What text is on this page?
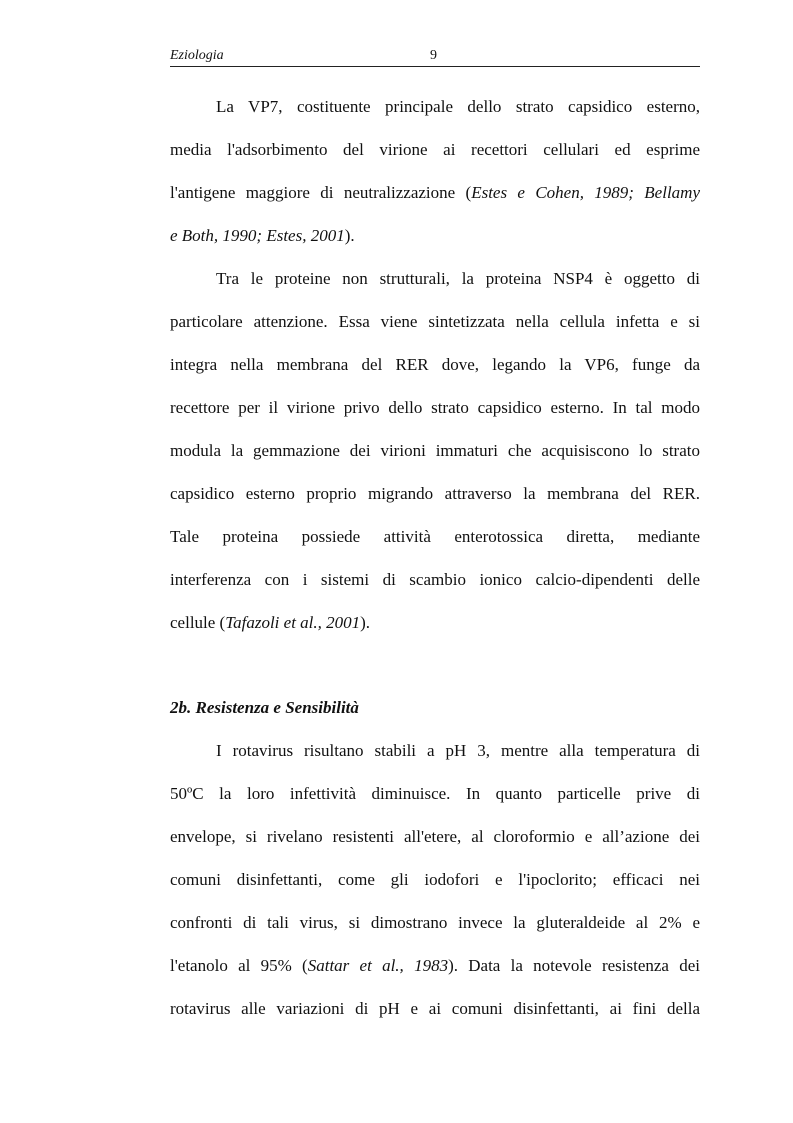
Eziologia	9
La VP7, costituente principale dello strato capsidico esterno,
media l'adsorbimento del virione ai recettori cellulari ed esprime
l'antigene maggiore di neutralizzazione (Estes e Cohen, 1989; Bellamy
e Both, 1990; Estes, 2001).
Tra le proteine non strutturali, la proteina NSP4 è oggetto di
particolare attenzione. Essa viene sintetizzata nella cellula infetta e si
integra nella membrana del RER dove, legando la VP6, funge da
recettore per il virione privo dello strato capsidico esterno. In tal modo
modula la gemmazione dei virioni immaturi che acquisiscono lo strato
capsidico esterno proprio migrando attraverso la membrana del RER.
Tale proteina possiede attività enterotossica diretta, mediante
interferenza con i sistemi di scambio ionico calcio-dipendenti delle
cellule (Tafazoli et al., 2001).
2b. Resistenza e Sensibilità
I rotavirus risultano stabili a pH 3, mentre alla temperatura di
50ºC la loro infettività diminuisce. In quanto particelle prive di
envelope, si rivelano resistenti all'etere, al cloroformio e all’azione dei
comuni disinfettanti, come gli iodofori e l'ipoclorito; efficaci nei
confronti di tali virus, si dimostrano invece la gluteraldeide al 2% e
l'etanolo al 95% (Sattar et al., 1983). Data la notevole resistenza dei
rotavirus alle variazioni di pH e ai comuni disinfettanti, ai fini della
